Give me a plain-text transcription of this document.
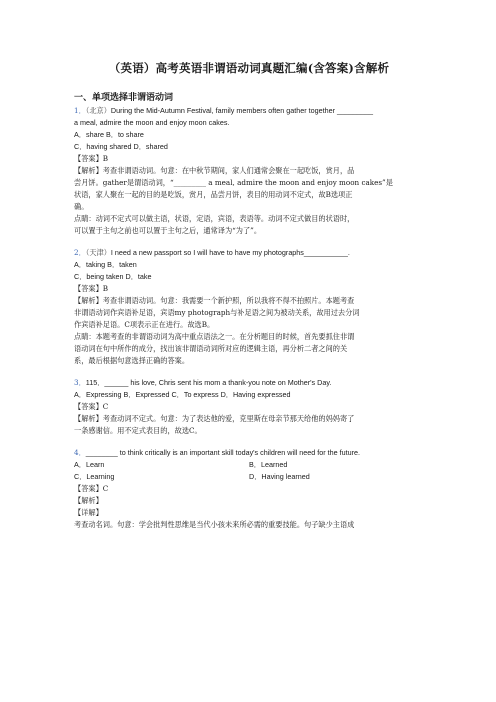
（英语）高考英语非谓语动词真题汇编(含答案)含解析
一、单项选择非谓语动词
1．（北京）During the Mid-Autumn Festival, family members often gather together _________
a meal, admire the moon and enjoy moon cakes.
A．share B．to share
C．having shared D．shared
【答案】B
【解析】考查非谓语动词。句意：在中秋节期间，家人们通常会聚在一起吃饭，赏月，品
尝月饼。gather是谓语动词，“_________ a meal, admire the moon and enjoy moon cakes”是
状语，家人聚在一起的目的是吃饭，赏月，品尝月饼，表目的用动词不定式，故B选项正
确。
点睛：动词不定式可以做主语，状语，定语，宾语，表语等。动词不定式做目的状语时，
可以置于主句之前也可以置于主句之后，通常译为“为了”。
2．（天津）I need a new passport so I will have to have my photographs___________.
A．taking B．taken
C．being taken D．take
【答案】B
【解析】考查非谓语动词。句意：我需要一个新护照，所以我将不得不拍照片。本题考查
非谓语动词作宾语补足语，宾语my photograph与补足语之间为被动关系，故用过去分词
作宾语补足语。C项表示正在进行。故选B。
点睛：本题考查的非谓语动词为高中重点语法之一。在分析题目的时候，首先要抓住非谓
语动词在句中所作的成分，找出该非谓语动词所对应的逻辑主语，再分析二者之间的关
系，最后根据句意选择正确的答案。
3．115．______ his love, Chris sent his mom a thank-you note on Mother's Day.
A．Expressing B．Expressed C．To express D．Having expressed
【答案】C
【解析】考查动词不定式。句意：为了表达他的爱，克里斯在母亲节那天给他的妈妈寄了
一条感谢信。用不定式表目的，故选C。
4．________ to think critically is an important skill today's children will need for the future.
A．Learn	B．Learned
C．Learning	D．Having learned
【答案】C
【解析】
【详解】
考查动名词。句意：学会批判性思维是当代小孩未来所必需的重要技能。句子缺少主语成
